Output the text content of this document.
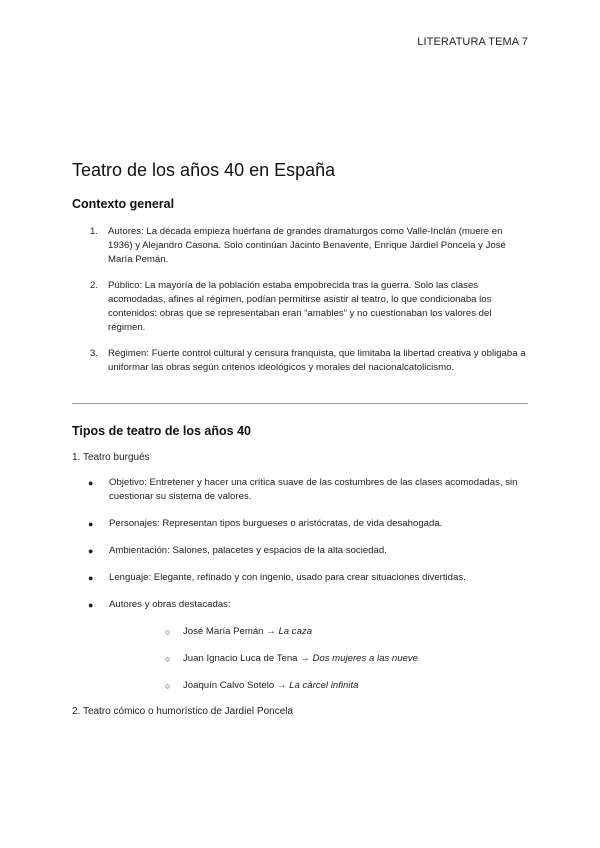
LITERATURA TEMA 7
Teatro de los años 40 en España
Contexto general
1. Autores: La década empieza huérfana de grandes dramaturgos como Valle-Inclán (muere en 1936) y Alejandro Casona. Solo continúan Jacinto Benavente, Enrique Jardiel Poncela y José María Pemán.
2. Público: La mayoría de la población estaba empobrecida tras la guerra. Solo las clases acomodadas, afines al régimen, podían permitirse asistir al teatro, lo que condicionaba los contenidos: obras que se representaban eran “amables” y no cuestionaban los valores del régimen.
3. Régimen: Fuerte control cultural y censura franquista, que limitaba la libertad creativa y obligaba a uniformar las obras según criterios ideológicos y morales del nacionalcatolicismo.
Tipos de teatro de los años 40
1. Teatro burgués
● Objetivo: Entretener y hacer una crítica suave de las costumbres de las clases acomodadas, sin cuestionar su sistema de valores.
● Personajes: Representan tipos burgueses o aristócratas, de vida desahogada.
● Ambientación: Salones, palacetes y espacios de la alta sociedad.
● Lenguaje: Elegante, refinado y con ingenio, usado para crear situaciones divertidas.
● Autores y obras destacadas:
○ José María Pemán → La caza
○ Juan Ignacio Luca de Tena → Dos mujeres a las nueve
○ Joaquín Calvo Sotelo → La cárcel infinita
2. Teatro cómico o humorístico de Jardiel Poncela
